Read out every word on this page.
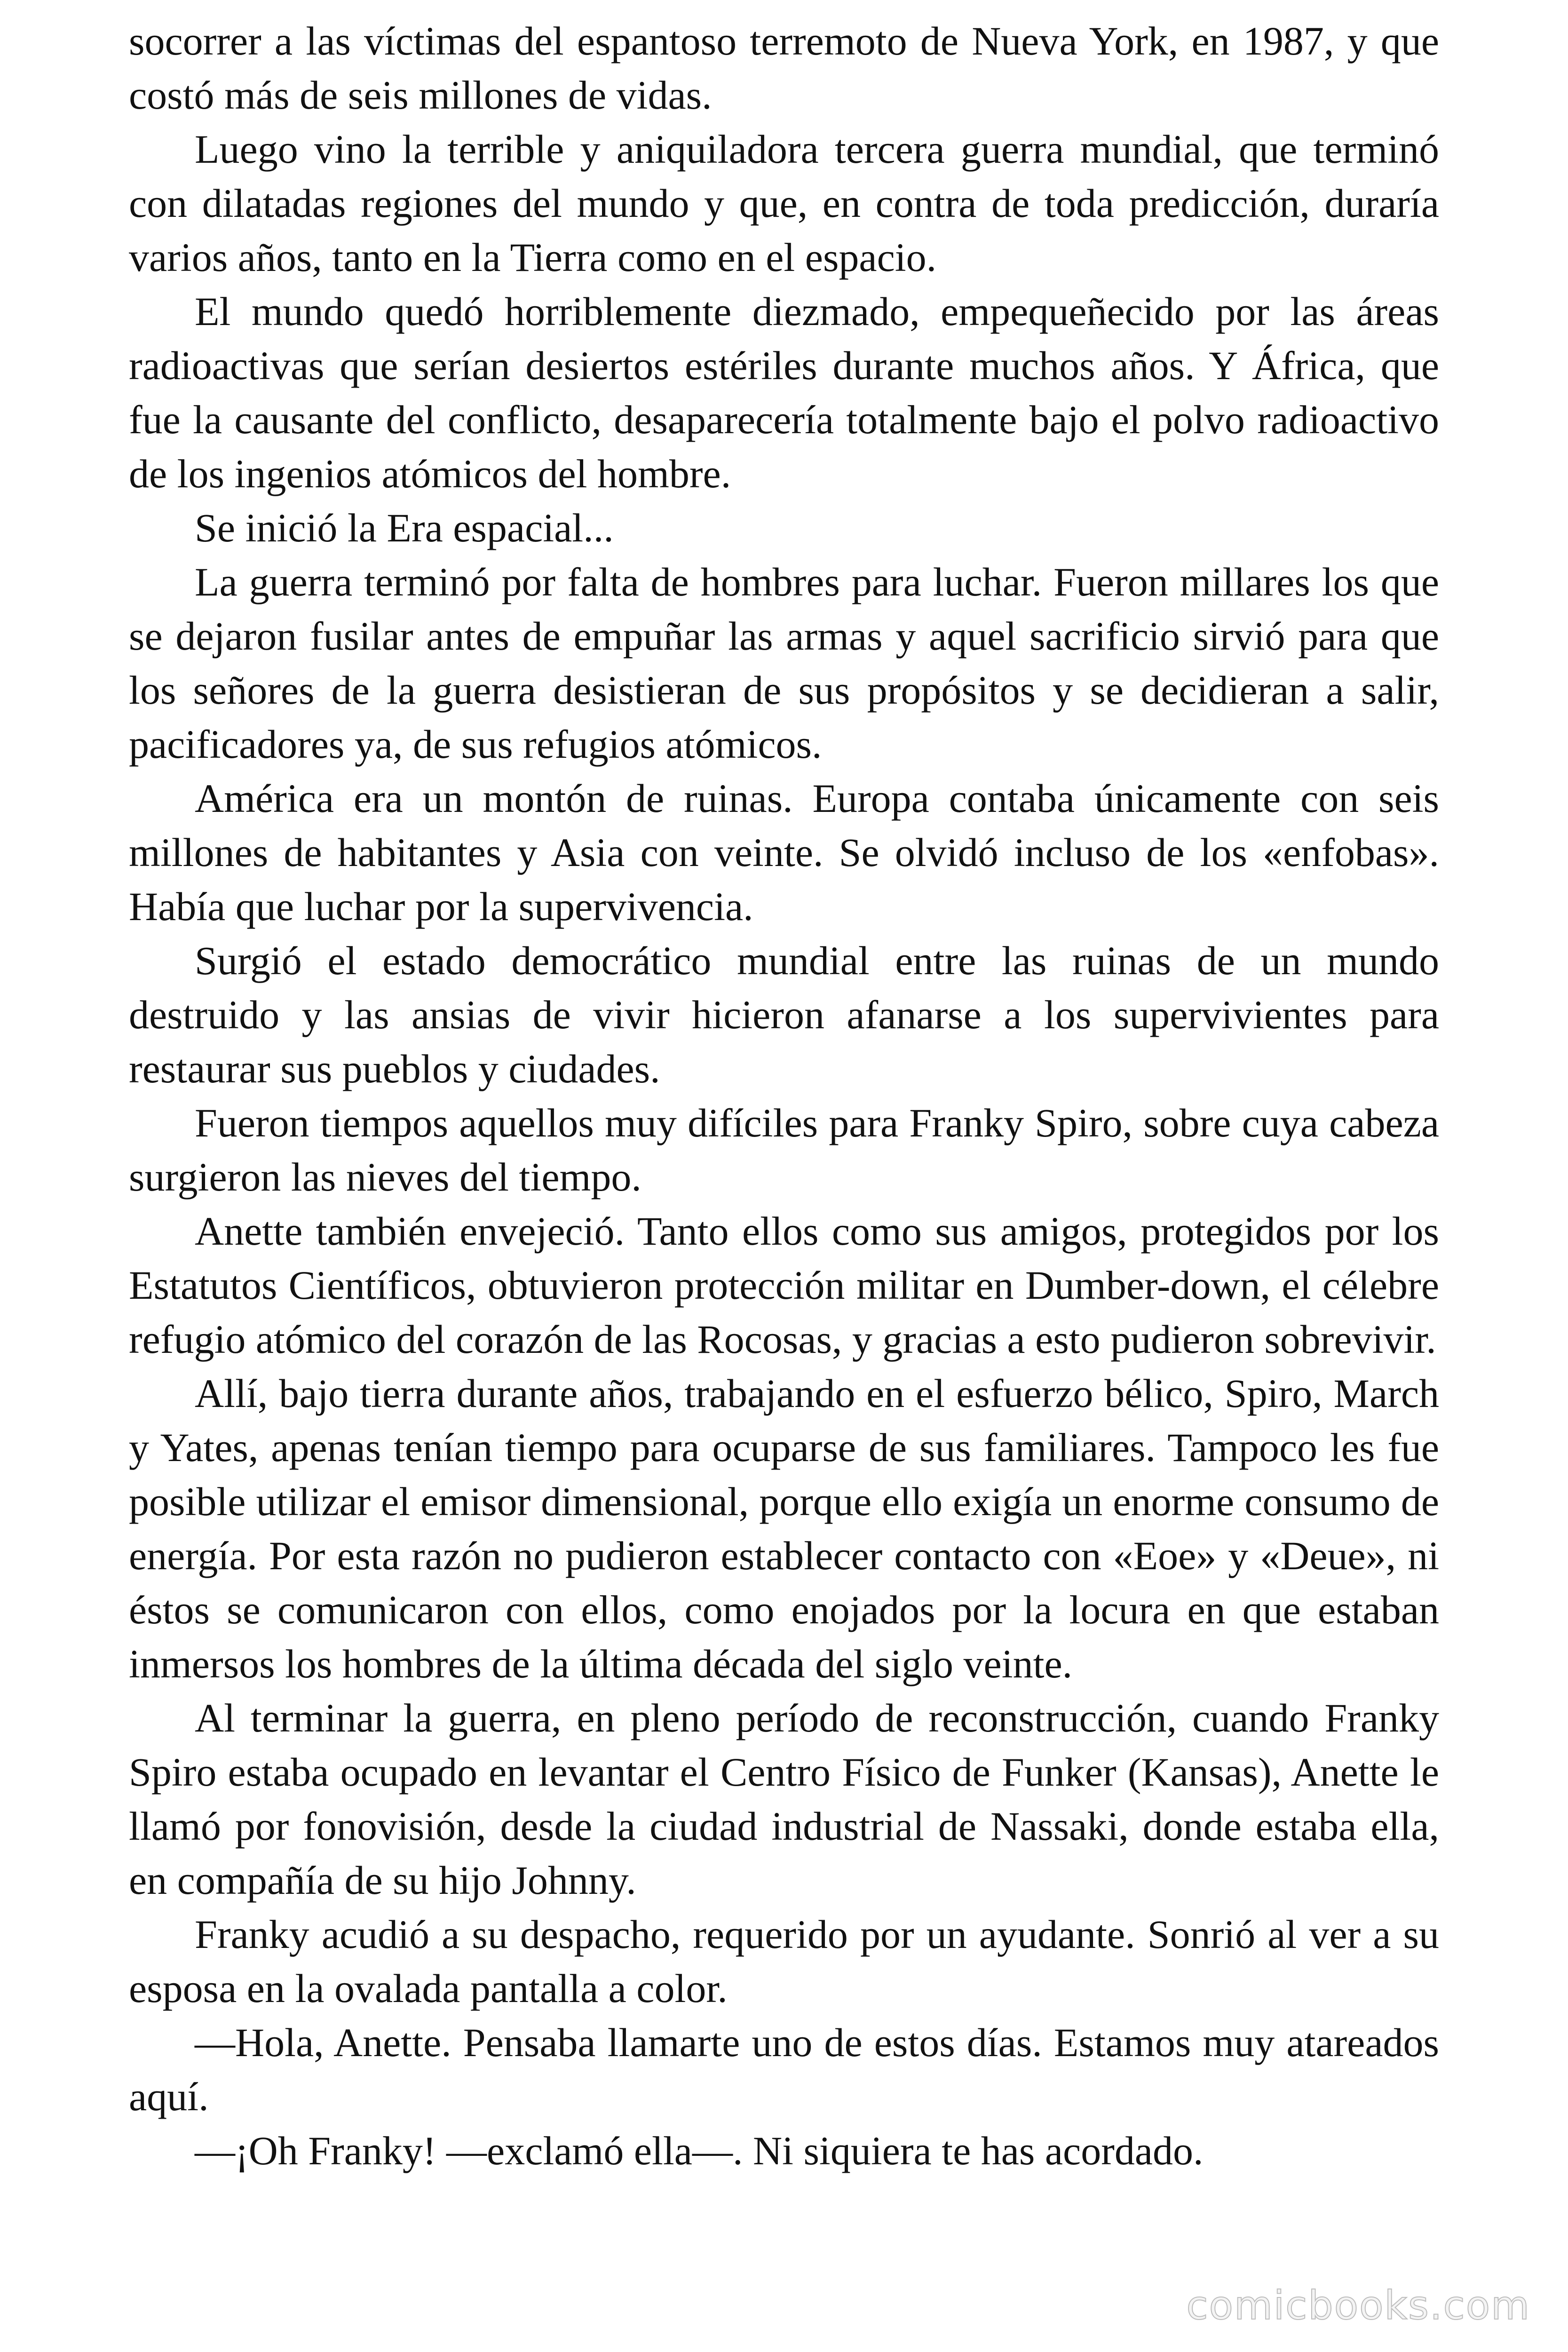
socorrer a las víctimas del espantoso terremoto de Nueva York, en 1987, y que costó más de seis millones de vidas.

Luego vino la terrible y aniquiladora tercera guerra mundial, que terminó con dilatadas regiones del mundo y que, en contra de toda predicción, duraría varios años, tanto en la Tierra como en el espacio.

El mundo quedó horriblemente diezmado, empequeñecido por las áreas radioactivas que serían desiertos estériles durante muchos años. Y África, que fue la causante del conflicto, desaparecería totalmente bajo el polvo radioactivo de los ingenios atómicos del hombre.

Se inició la Era espacial...

La guerra terminó por falta de hombres para luchar. Fueron millares los que se dejaron fusilar antes de empuñar las armas y aquel sacrificio sirvió para que los señores de la guerra desistieran de sus propósitos y se decidieran a salir, pacificadores ya, de sus refugios atómicos.

América era un montón de ruinas. Europa contaba únicamente con seis millones de habitantes y Asia con veinte. Se olvidó incluso de los «enfobas». Había que luchar por la supervivencia.

Surgió el estado democrático mundial entre las ruinas de un mundo destruido y las ansias de vivir hicieron afanarse a los supervivientes para restaurar sus pueblos y ciudades.

Fueron tiempos aquellos muy difíciles para Franky Spiro, sobre cuya cabeza surgieron las nieves del tiempo.

Anette también envejeció. Tanto ellos como sus amigos, protegidos por los Estatutos Científicos, obtuvieron protección militar en Dumber-down, el célebre refugio atómico del corazón de las Rocosas, y gracias a esto pudieron sobrevivir.

Allí, bajo tierra durante años, trabajando en el esfuerzo bélico, Spiro, March y Yates, apenas tenían tiempo para ocuparse de sus familiares. Tampoco les fue posible utilizar el emisor dimensional, porque ello exigía un enorme consumo de energía. Por esta razón no pudieron establecer contacto con «Eoe» y «Deue», ni éstos se comunicaron con ellos, como enojados por la locura en que estaban inmersos los hombres de la última década del siglo veinte.

Al terminar la guerra, en pleno período de reconstrucción, cuando Franky Spiro estaba ocupado en levantar el Centro Físico de Funker (Kansas), Anette le llamó por fonovisión, desde la ciudad industrial de Nassaki, donde estaba ella, en compañía de su hijo Johnny.

Franky acudió a su despacho, requerido por un ayudante. Sonrió al ver a su esposa en la ovalada pantalla a color.

—Hola, Anette. Pensaba llamarte uno de estos días. Estamos muy atareados aquí.

—¡Oh Franky! —exclamó ella—. Ni siquiera te has acordado.

comicbooks.com
